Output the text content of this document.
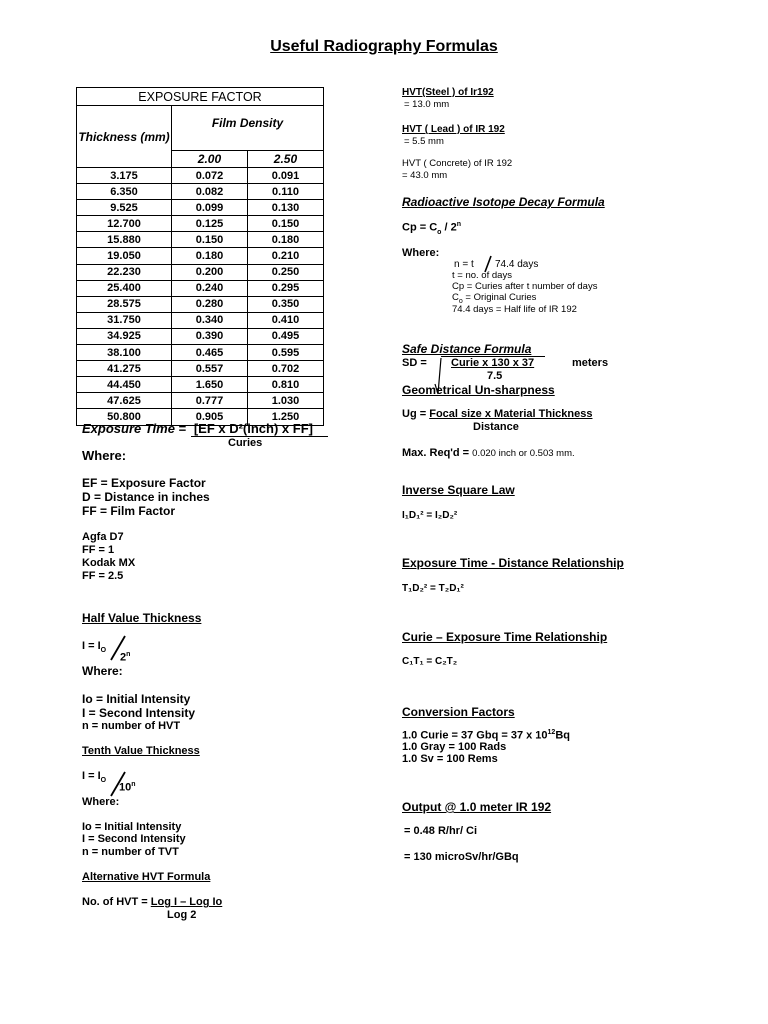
Useful Radiography Formulas
EXPOSURE FACTOR		
Thickness (mm)	Film Density	
	2.00	2.50
3.175	0.072	0.091
6.350	0.082	0.110
9.525	0.099	0.130
12.700	0.125	0.150
15.880	0.150	0.180
19.050	0.180	0.210
22.230	0.200	0.250
25.400	0.240	0.295
28.575	0.280	0.350
31.750	0.340	0.410
34.925	0.390	0.495
38.100	0.465	0.595
41.275	0.557	0.702
44.450	1.650	0.810
47.625	0.777	1.030
50.800	0.905	1.250
Exposure Time = [EF x D²(inch) x FF]
Curies
Where:
EF = Exposure Factor
D = Distance in inches
FF = Film Factor
Agfa D7
FF = 1
Kodak MX
FF = 2.5
Half Value Thickness
$I = I_O$
2$^n$
Where:
Io = Initial Intensity
I = Second Intensity
n = number of HVT
Tenth Value Thickness
$I = I_O$
10$^n$
Where:
Io = Initial Intensity
I = Second Intensity
n = number of TVT
Alternative HVT Formula
No. of HVT = Log I – Log Io
Log 2
HVT(Steel ) of Ir192
= 13.0 mm
HVT ( Lead ) of IR 192
= 5.5 mm
HVT ( Concrete) of IR 192
= 43.0 mm
Radioactive Isotope Decay Formula
$Cp = C_o / 2^n$
Where:
n = t 74.4 days
t = no. of days
Cp = Curies after t number of days
$C_o$ = Original Curies
74.4 days = Half life of IR 192
Safe Distance Formula
SD = Curie x 130 x 37	meters
7.5
Geometrical Un-sharpness
Ug = Focal size x Material Thickness
Distance
Max. Req'd = 0.020 inch or 0.503 mm.
Inverse Square Law
I₁D₁² = I₂D₂²
Exposure Time - Distance Relationship
T₁D₂² = T₂D₁²
Curie – Exposure Time Relationship
C₁T₁ = C₂T₂
Conversion Factors
1.0 Curie = 37 Gbq = 37 x $10^{12}Bq$
1.0 Gray = 100 Rads
1.0 Sv = 100 Rems
Output @ 1.0 meter IR 192
= 0.48 R/hr/ Ci
= 130 microSv/hr/GBq
